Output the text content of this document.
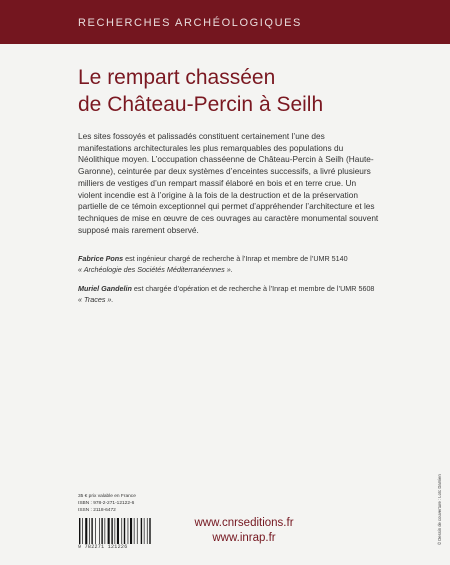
RECHERCHES ARCHÉOLOGIQUES
Le rempart chasséen
de Château-Percin à Seilh
Les sites fossoyés et palissadés constituent certainement l’une des
manifestations architecturales les plus remarquables des populations du
Néolithique moyen. L’occupation chasséenne de Château-Percin à Seilh (Haute-
Garonne), ceinturée par deux systèmes d’enceintes successifs, a livré plusieurs
milliers de vestiges d’un rempart massif élaboré en bois et en terre crue. Un
violent incendie est à l’origine à la fois de la destruction et de la préservation
partielle de ce témoin exceptionnel qui permet d’appréhender l’architecture et les
techniques de mise en œuvre de ces ouvrages au caractère monumental souvent
supposé mais rarement observé.
Fabrice Pons est ingénieur chargé de recherche à l’Inrap et membre de l’UMR 5140
« Archéologie des Sociétés Méditerranéennes ».
Muriel Gandelin est chargée d’opération et de recherche à l’Inrap et membre de l’UMR 5608
« Traces ».
35 € prix valable en France
ISBN : 978-2-271-12122-6
ISSN : 2118-6472
9 782271 121226
www.cnrseditions.fr
www.inrap.fr	© Dessin de couverture : Loïc Damien
